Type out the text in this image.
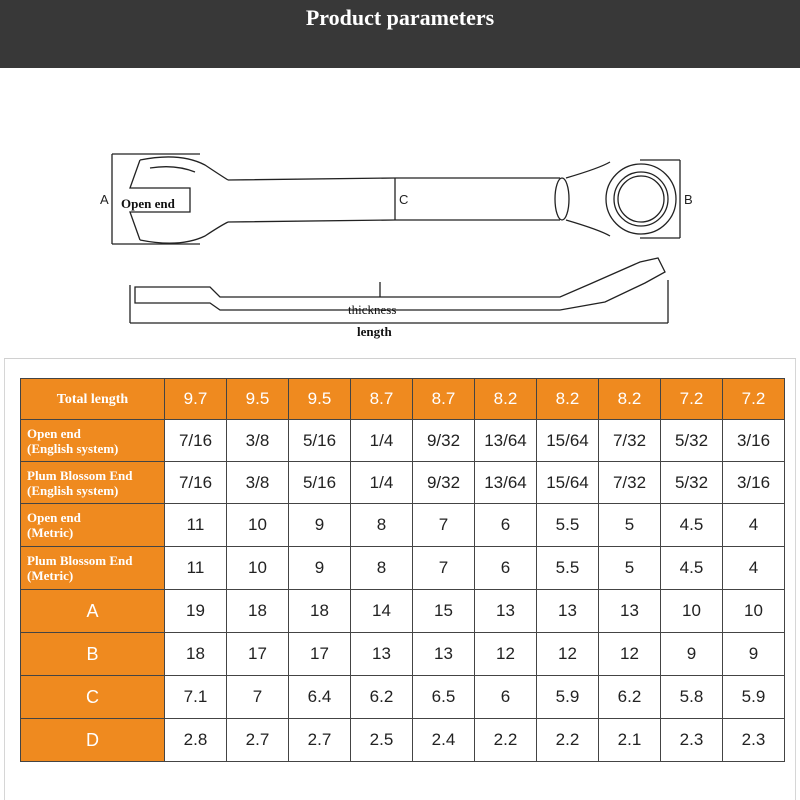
Product parameters
A	B
C
Open end
thickness
length
Total length	9.7	9.5	9.5	8.7	8.7	8.2	8.2	8.2	7.2	7.2

Open end
(English system)	7/16	3/8	5/16	1/4	9/32	13/64	15/64	7/32	5/32	3/16

Plum Blossom End
(English system)	7/16	3/8	5/16	1/4	9/32	13/64	15/64	7/32	5/32	3/16

Open end
(Metric)	11	10	9	8	7	6	5.5	5	4.5	4

Plum Blossom End
(Metric)	11	10	9	8	7	6	5.5	5	4.5	4

A	19	18	18	14	15	13	13	13	10	10

B	18	17	17	13	13	12	12	12	9	9

C	7.1	7	6.4	6.2	6.5	6	5.9	6.2	5.8	5.9

D	2.8	2.7	2.7	2.5	2.4	2.2	2.2	2.1	2.3	2.3
